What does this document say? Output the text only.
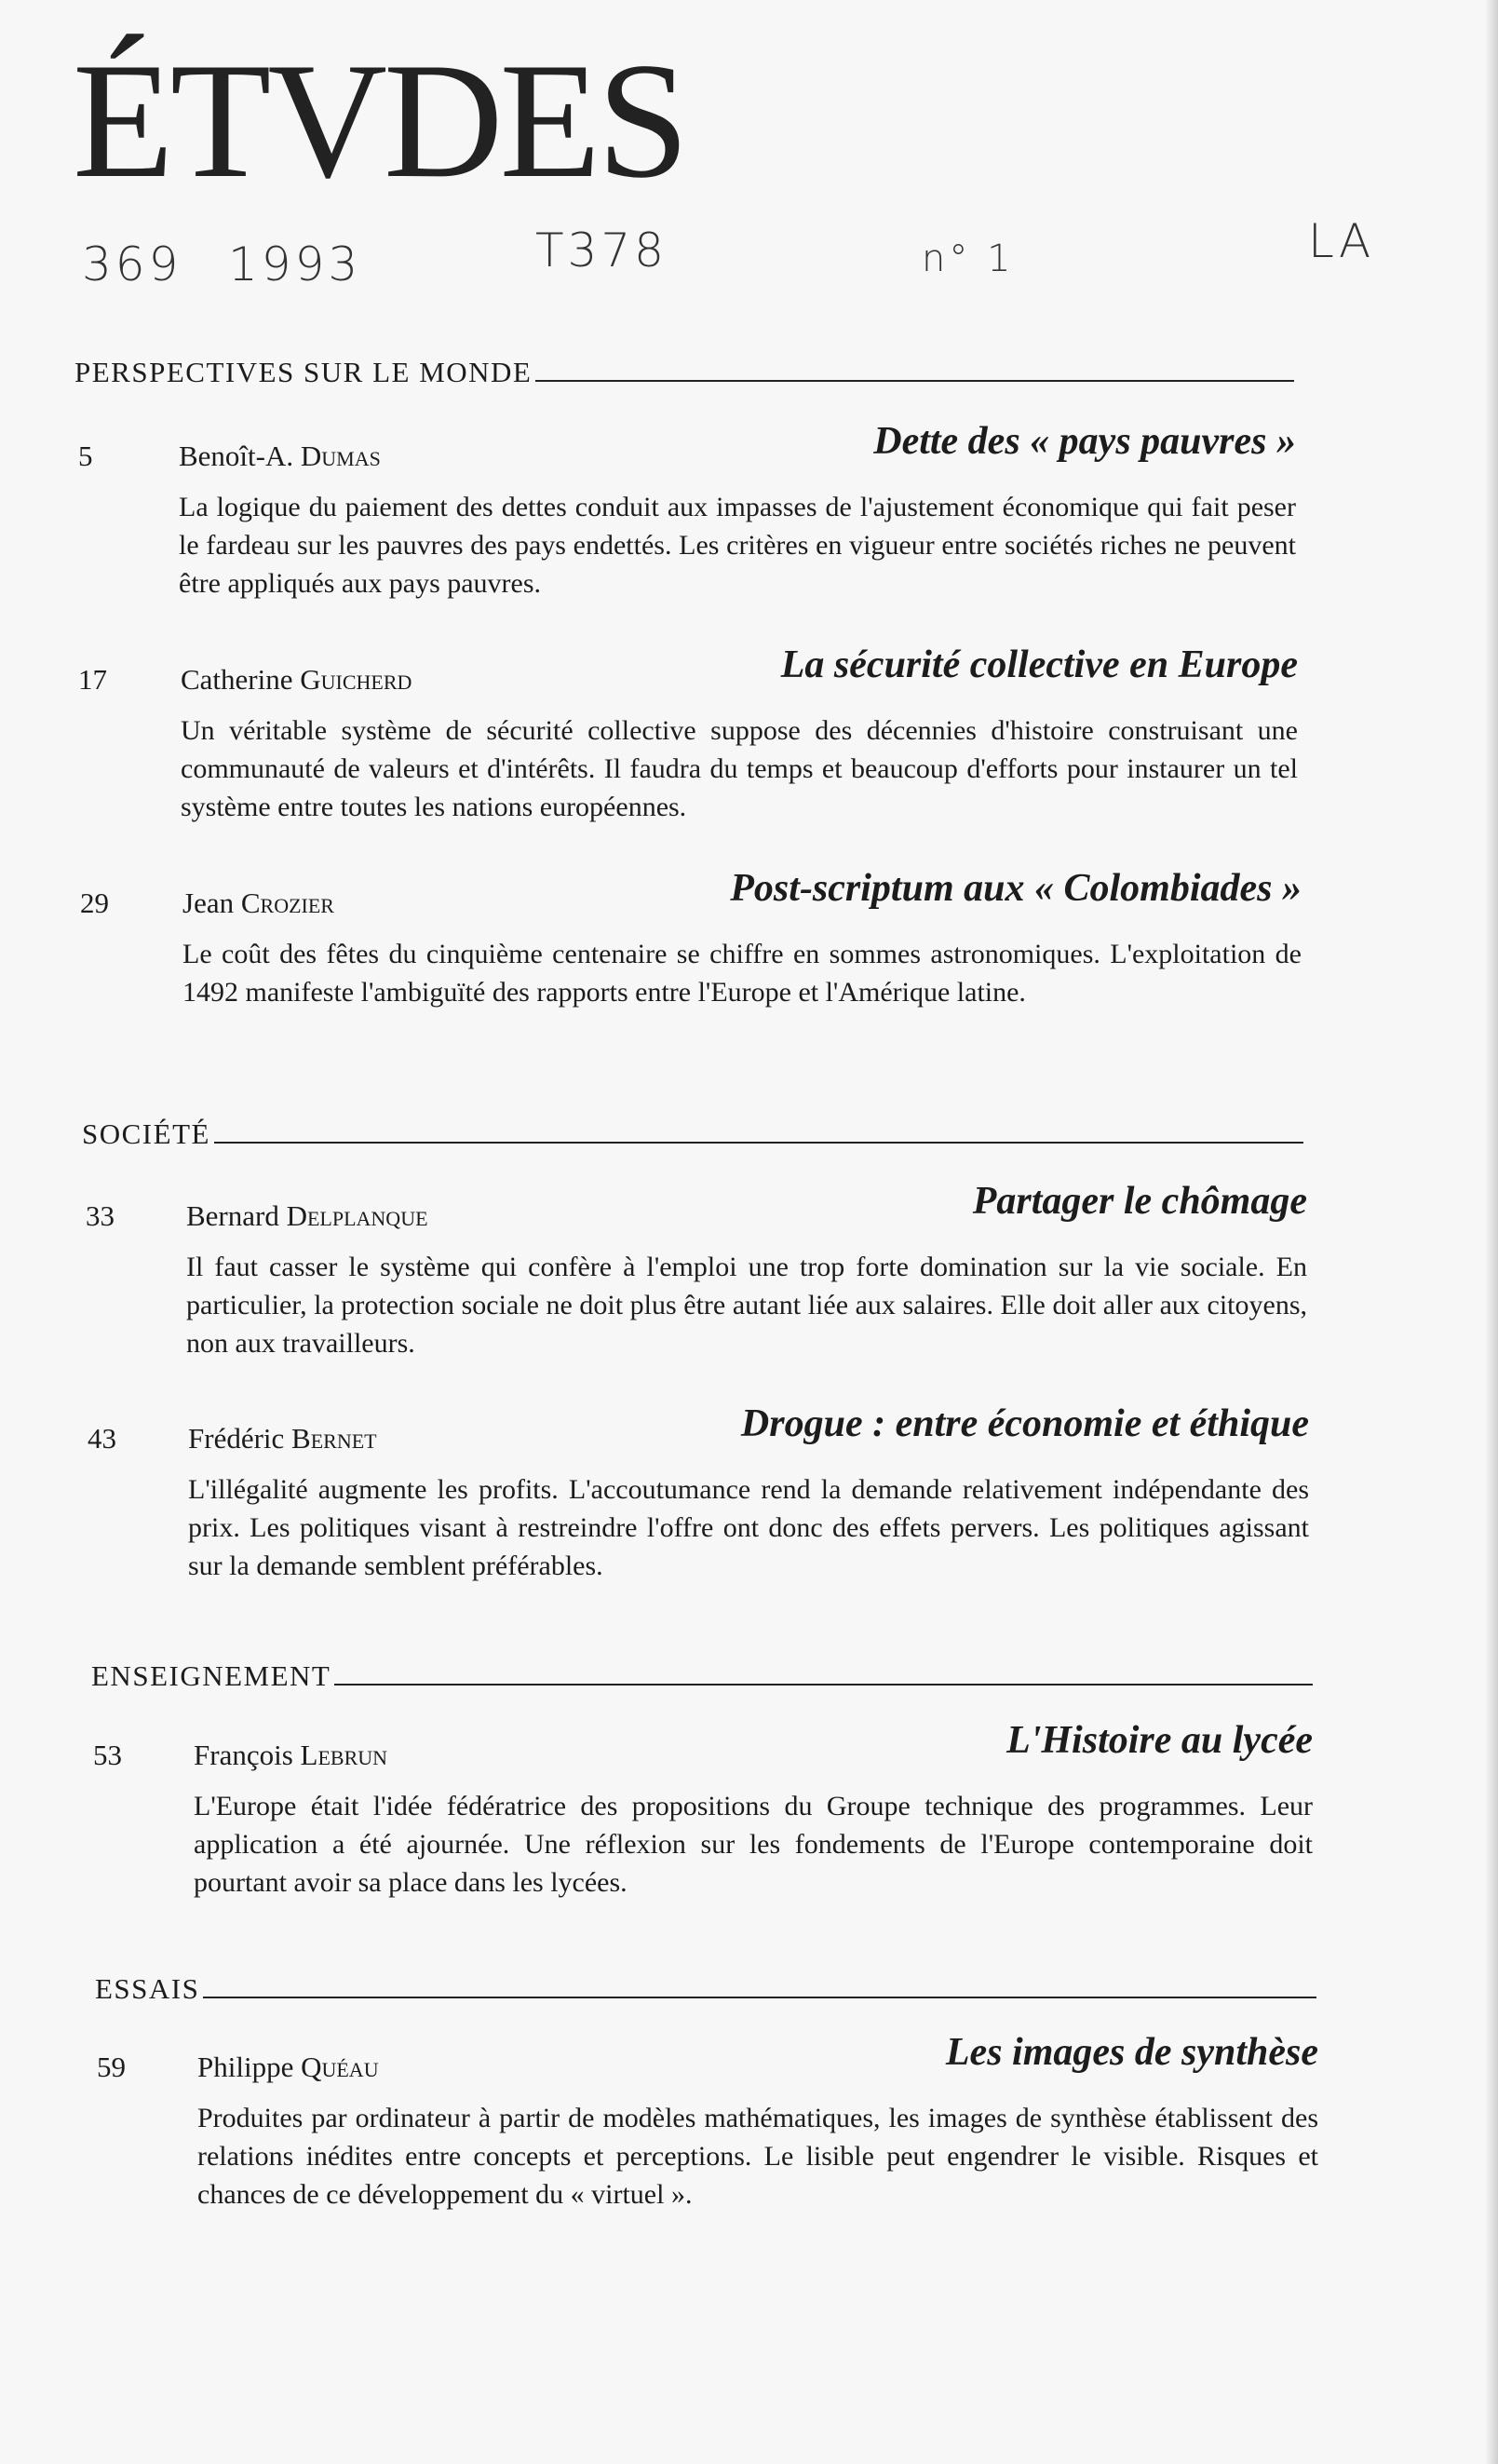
ÉTVDES
369 1993	T378	n° 1	LA
PERSPECTIVES SUR LE MONDE
5	Benoît-A. Dumas	Dette des « pays pauvres »

La logique du paiement des dettes conduit aux impasses de l'ajustement économique qui fait peser le fardeau sur les pauvres des pays endettés. Les critères en vigueur entre sociétés riches ne peuvent être appliqués aux pays pauvres.

17	Catherine Guicherd	La sécurité collective en Europe

Un véritable système de sécurité collective suppose des décennies d'histoire construisant une communauté de valeurs et d'intérêts. Il faudra du temps et beaucoup d'efforts pour instaurer un tel système entre toutes les nations européennes.

29	Jean Crozier	Post-scriptum aux « Colombiades »

Le coût des fêtes du cinquième centenaire se chiffre en sommes astronomiques. L'exploitation de 1492 manifeste l'ambiguïté des rapports entre l'Europe et l'Amérique latine.

SOCIÉTÉ
33 Bernard Delplanque	Partager le chômage

Il faut casser le système qui confère à l'emploi une trop forte domination sur la vie sociale. En particulier, la protection sociale ne doit plus être autant liée aux salaires. Elle doit aller aux citoyens, non aux travailleurs.

43 Frédéric Bernet	Drogue : entre économie et éthique

L'illégalité augmente les profits. L'accoutumance rend la demande relativement indépendante des prix. Les politiques visant à restreindre l'offre ont donc des effets pervers. Les politiques agissant sur la demande semblent préférables.

ENSEIGNEMENT
53 François Lebrun	L'Histoire au lycée

L'Europe était l'idée fédératrice des propositions du Groupe technique des programmes. Leur application a été ajournée. Une réflexion sur les fondements de l'Europe contemporaine doit pourtant avoir sa place dans les lycées.

ESSAIS
59 Philippe Quéau	Les images de synthèse

Produites par ordinateur à partir de modèles mathématiques, les images de synthèse établissent des relations inédites entre concepts et perceptions. Le lisible peut engendrer le visible. Risques et chances de ce développement du « virtuel ».
